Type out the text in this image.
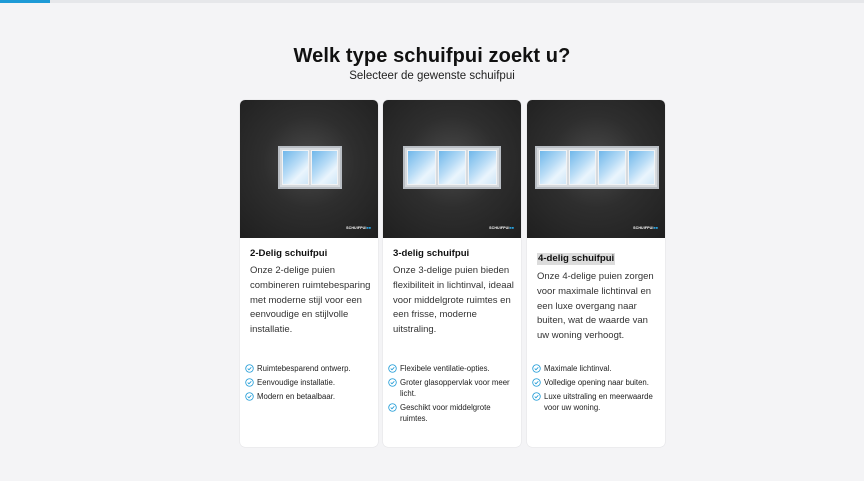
Welk type schuifpui zoekt u?

Selecteer de gewenste schuifpui

SCHUIFPUI■■
2-Delig schuifpui

Onze 2-delige puien combineren ruimtebesparing met moderne stijl voor een eenvoudige en stijlvolle installatie.

Ruimtebesparend ontwerp.
Eenvoudige installatie.
Modern en betaalbaar.
SCHUIFPUI■■
3-delig schuifpui

Onze 3-delige puien bieden flexibiliteit in lichtinval, ideaal voor middelgrote ruimtes en een frisse, moderne uitstraling.

Flexibele ventilatie-opties.
Groter glasoppervlak voor meer licht.
Geschikt voor middelgrote ruimtes.
SCHUIFPUI■■
4-delig schuifpui

Onze 4-delige puien zorgen voor maximale lichtinval en een luxe overgang naar buiten, wat de waarde van uw woning verhoogt.

Maximale lichtinval.
Volledige opening naar buiten.
Luxe uitstraling en meerwaarde voor uw woning.
